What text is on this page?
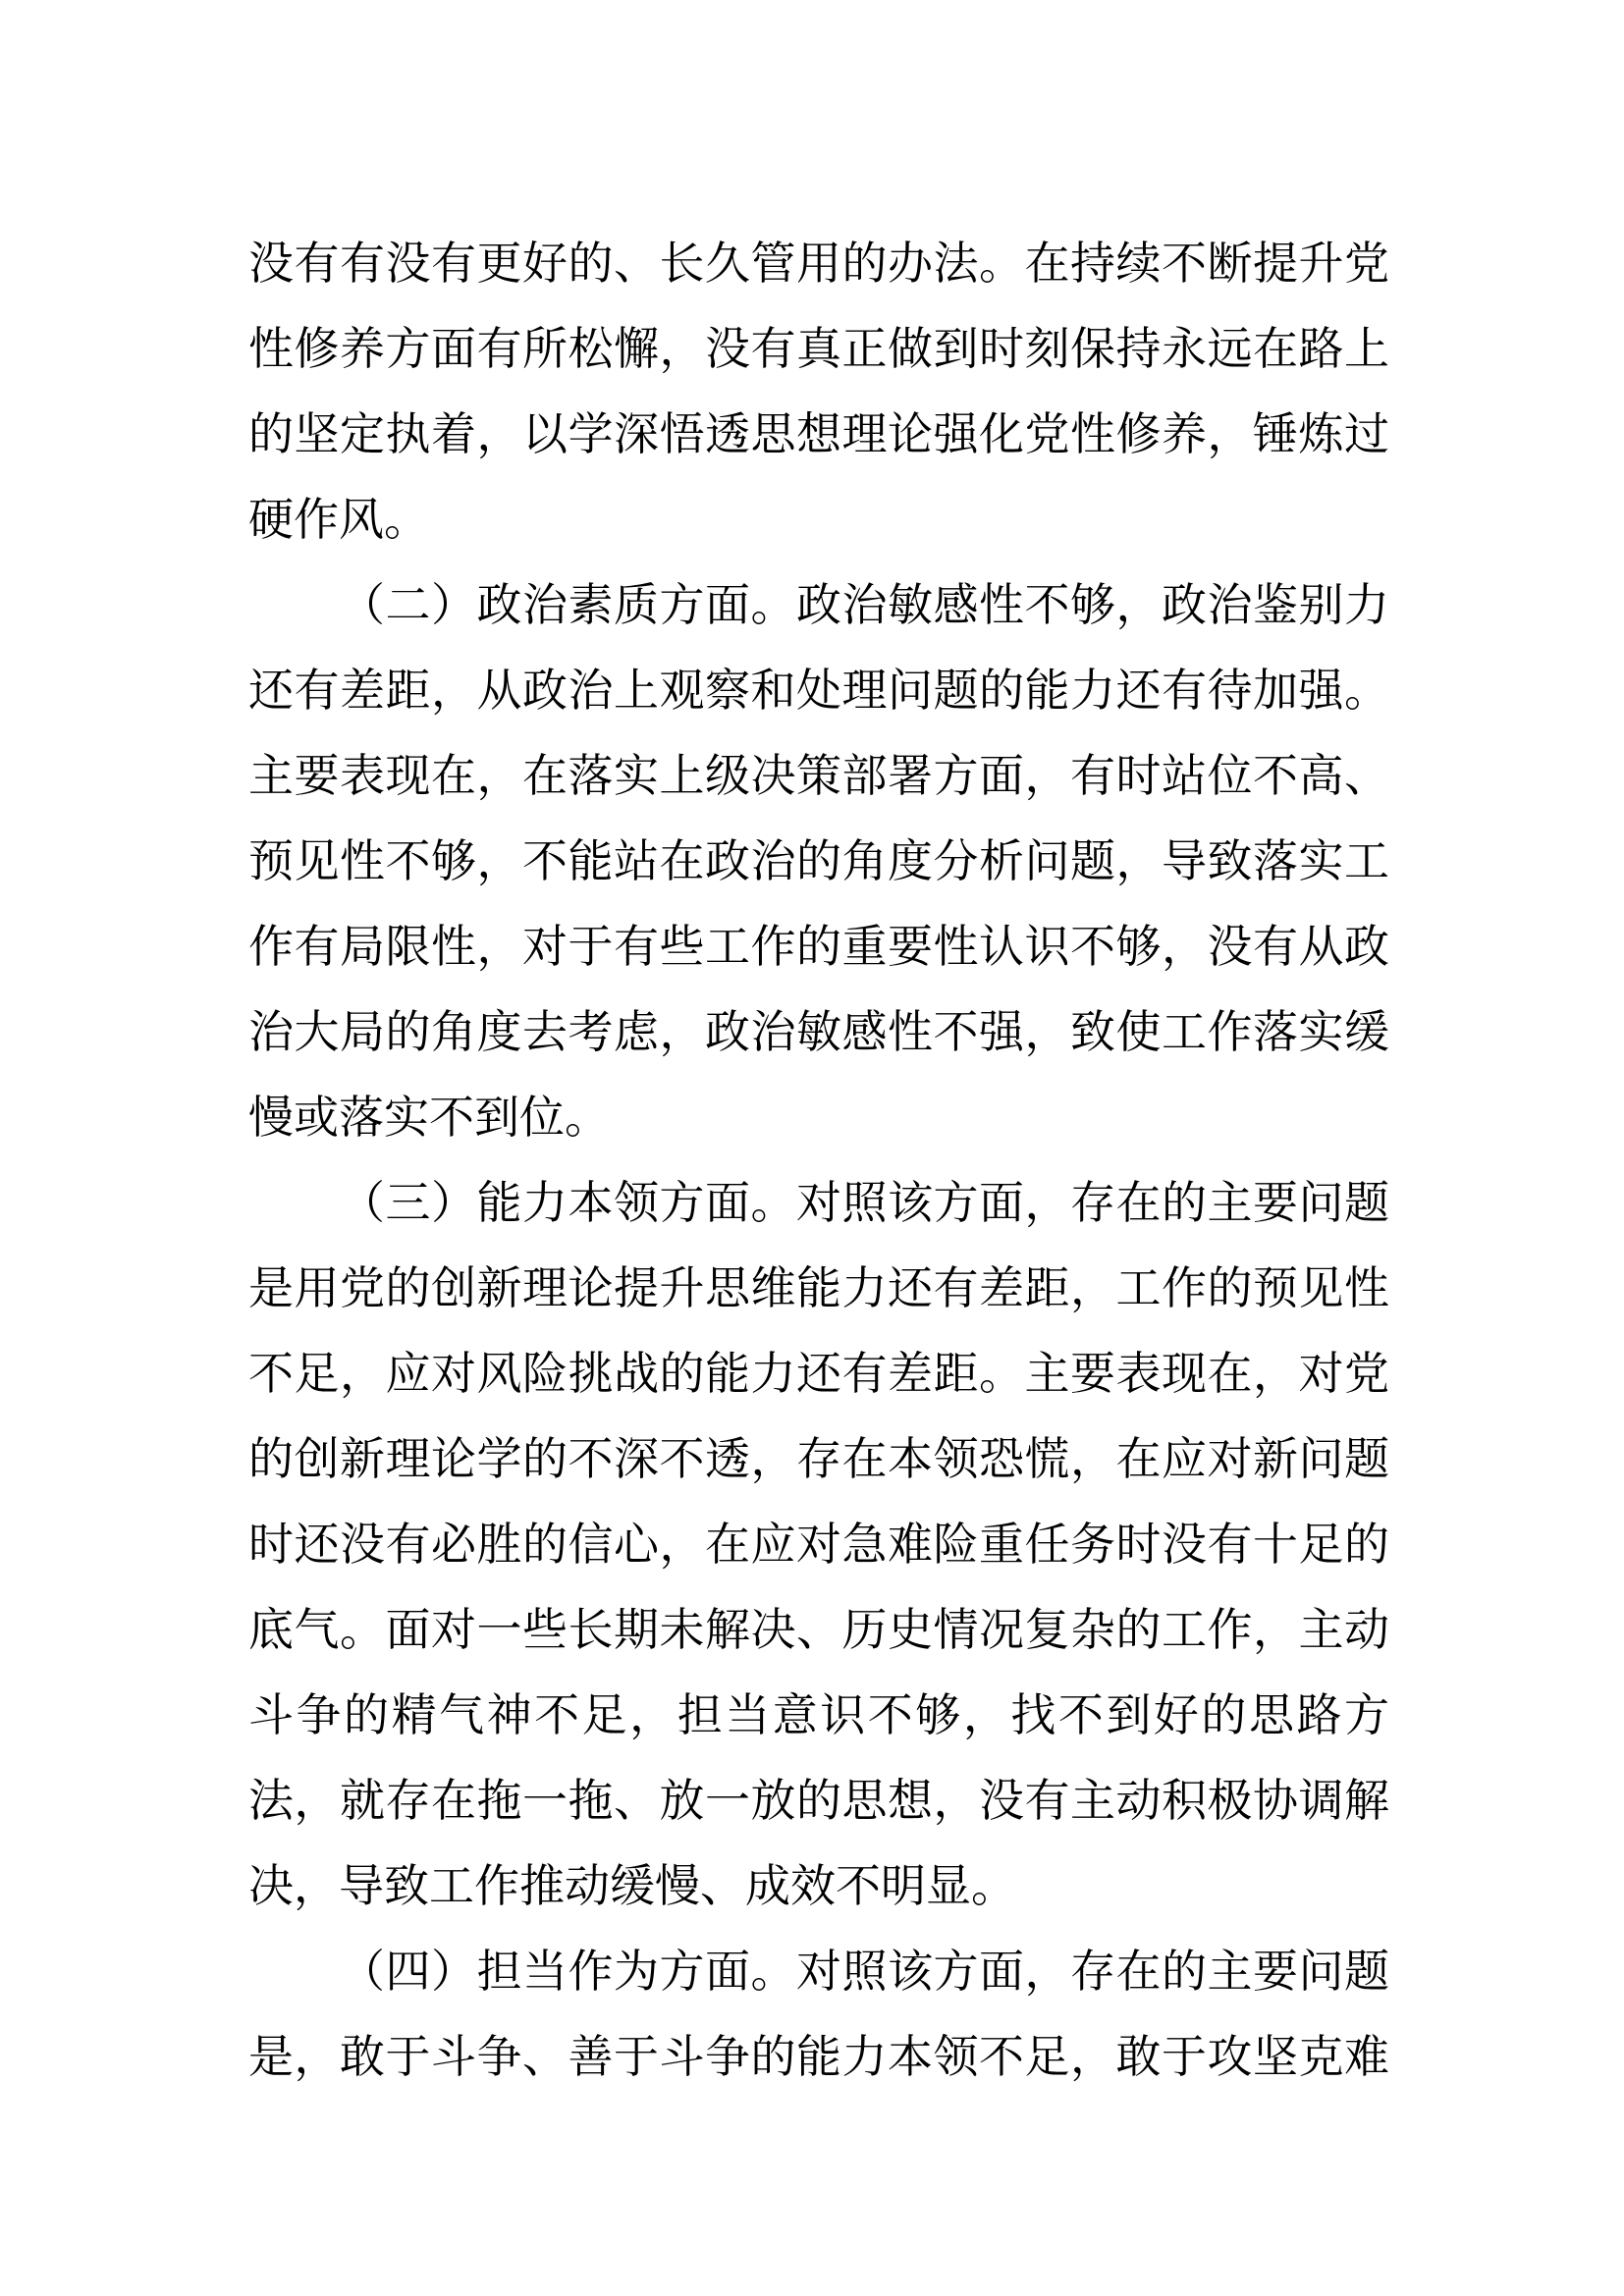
没有有没有更好的、长久管用的办法。在持续不断提升党
性修养方面有所松懈，没有真正做到时刻保持永远在路上
的坚定执着，以学深悟透思想理论强化党性修养，锤炼过
硬作风。
（二）政治素质方面。政治敏感性不够，政治鉴别力
还有差距，从政治上观察和处理问题的能力还有待加强。
主要表现在，在落实上级决策部署方面，有时站位不高、
预见性不够，不能站在政治的角度分析问题，导致落实工
作有局限性，对于有些工作的重要性认识不够，没有从政
治大局的角度去考虑，政治敏感性不强，致使工作落实缓
慢或落实不到位。
（三）能力本领方面。对照该方面，存在的主要问题
是用党的创新理论提升思维能力还有差距，工作的预见性
不足，应对风险挑战的能力还有差距。主要表现在，对党
的创新理论学的不深不透，存在本领恐慌，在应对新问题
时还没有必胜的信心，在应对急难险重任务时没有十足的
底气。面对一些长期未解决、历史情况复杂的工作，主动
斗争的精气神不足，担当意识不够，找不到好的思路方
法，就存在拖一拖、放一放的思想，没有主动积极协调解
决，导致工作推动缓慢、成效不明显。
（四）担当作为方面。对照该方面，存在的主要问题
是，敢于斗争、善于斗争的能力本领不足，敢于攻坚克难
